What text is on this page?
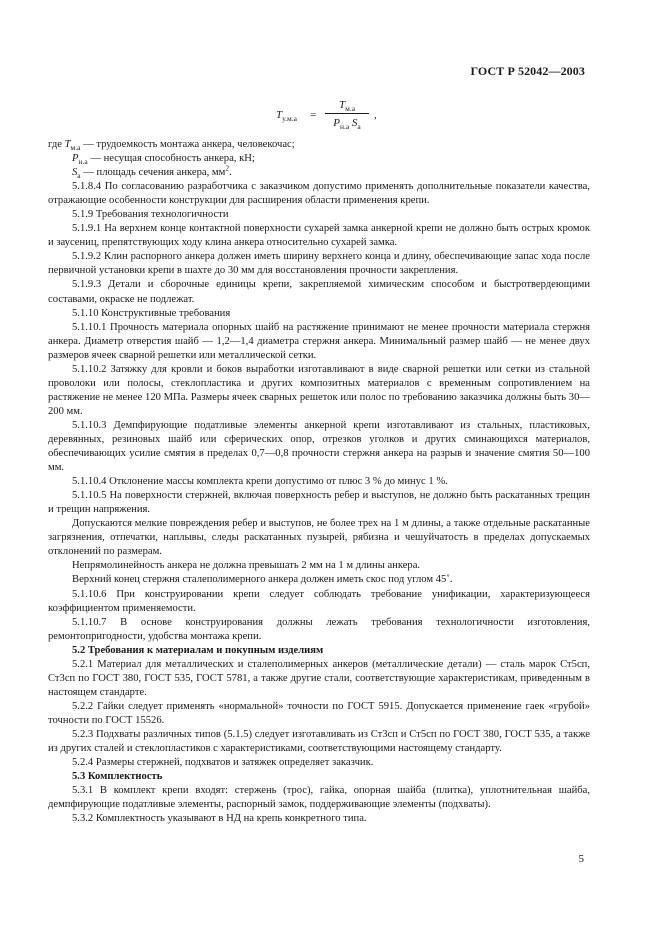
ГОСТ Р 52042—2003
$T_{у.м.а}$ =
$T_{м.а}$
$P_{н.а}$ $S_а$
,

где $T_{м.а}$ — трудоемкость монтажа анкера, человекочас;

$P_{н.а}$ — несущая способность анкера, кН;

$S_а$ — площадь сечения анкера, $мм^2$.

5.1.8.4 По согласованию разработчика с заказчиком допустимо применять дополнительные показатели качества, отражающие особенности конструкции для расширения области применения крепи.

5.1.9 Требования технологичности

5.1.9.1 На верхнем конце контактной поверхности сухарей замка анкерной крепи не должно быть острых кромок и заусениц, препятствующих ходу клина анкера относительно сухарей замка.

5.1.9.2 Клин распорного анкера должен иметь ширину верхнего конца и длину, обеспечивающие запас хода после первичной установки крепи в шахте до 30 мм для восстановления прочности закрепления.

5.1.9.3 Детали и сборочные единицы крепи, закрепляемой химическим способом и быстротвердеющими составами, окраске не подлежат.

5.1.10 Конструктивные требования

5.1.10.1 Прочность материала опорных шайб на растяжение принимают не менее прочности материала стержня анкера. Диаметр отверстия шайб — 1,2—1,4 диаметра стержня анкера. Минимальный размер шайб — не менее двух размеров ячеек сварной решетки или металлической сетки.

5.1.10.2 Затяжку для кровли и боков выработки изготавливают в виде сварной решетки или сетки из стальной проволоки или полосы, стеклопластика и других композитных материалов с временным сопротивлением на растяжение не менее 120 МПа. Размеры ячеек сварных решеток или полос по требованию заказчика должны быть 30—200 мм.

5.1.10.3 Демпфирующие податливые элементы анкерной крепи изготавливают из стальных, пластиковых, деревянных, резиновых шайб или сферических опор, отрезков уголков и других сминающихся материалов, обеспечивающих усилие смятия в пределах 0,7—0,8 прочности стержня анкера на разрыв и значение смятия 50—100 мм.

5.1.10.4 Отклонение массы комплекта крепи допустимо от плюс 3 % до минус 1 %.

5.1.10.5 На поверхности стержней, включая поверхность ребер и выступов, не должно быть раскатанных трещин и трещин напряжения.

Допускаются мелкие повреждения ребер и выступов, не более трех на 1 м длины, а также отдельные раскатанные загрязнения, отпечатки, наплывы, следы раскатанных пузырей, рябизна и чешуйчатость в пределах допускаемых отклонений по размерам.

Непрямолинейность анкера не должна превышать 2 мм на 1 м длины анкера.

Верхний конец стержня сталеполимерного анкера должен иметь скос под углом 45˚.

5.1.10.6 При конструировании крепи следует соблюдать требование унификации, характеризующееся коэффициентом применяемости.

5.1.10.7 В основе конструирования должны лежать требования технологичности изготовления, ремонтопригодности, удобства монтажа крепи.

5.2 Требования к материалам и покупным изделиям

5.2.1 Материал для металлических и сталеполимерных анкеров (металлические детали) — сталь марок Ст5сп, Ст3сп по ГОСТ 380, ГОСТ 535, ГОСТ 5781, а также другие стали, соответствующие характеристикам, приведенным в настоящем стандарте.

5.2.2 Гайки следует применять «нормальной» точности по ГОСТ 5915. Допускается применение гаек «грубой» точности по ГОСТ 15526.

5.2.3 Подхваты различных типов (5.1.5) следует изготавливать из Ст3сп и Ст5сп по ГОСТ 380, ГОСТ 535, а также из других сталей и стеклопластиков с характеристиками, соответствующими настоящему стандарту.

5.2.4 Размеры стержней, подхватов и затяжек определяет заказчик.

5.3 Комплектность

5.3.1 В комплект крепи входят: стержень (трос), гайка, опорная шайба (плитка), уплотнительная шайба, демпфирующие податливые элементы, распорный замок, поддерживающие элементы (подхваты).

5.3.2 Комплектность указывают в НД на крепь конкретного типа.

5
